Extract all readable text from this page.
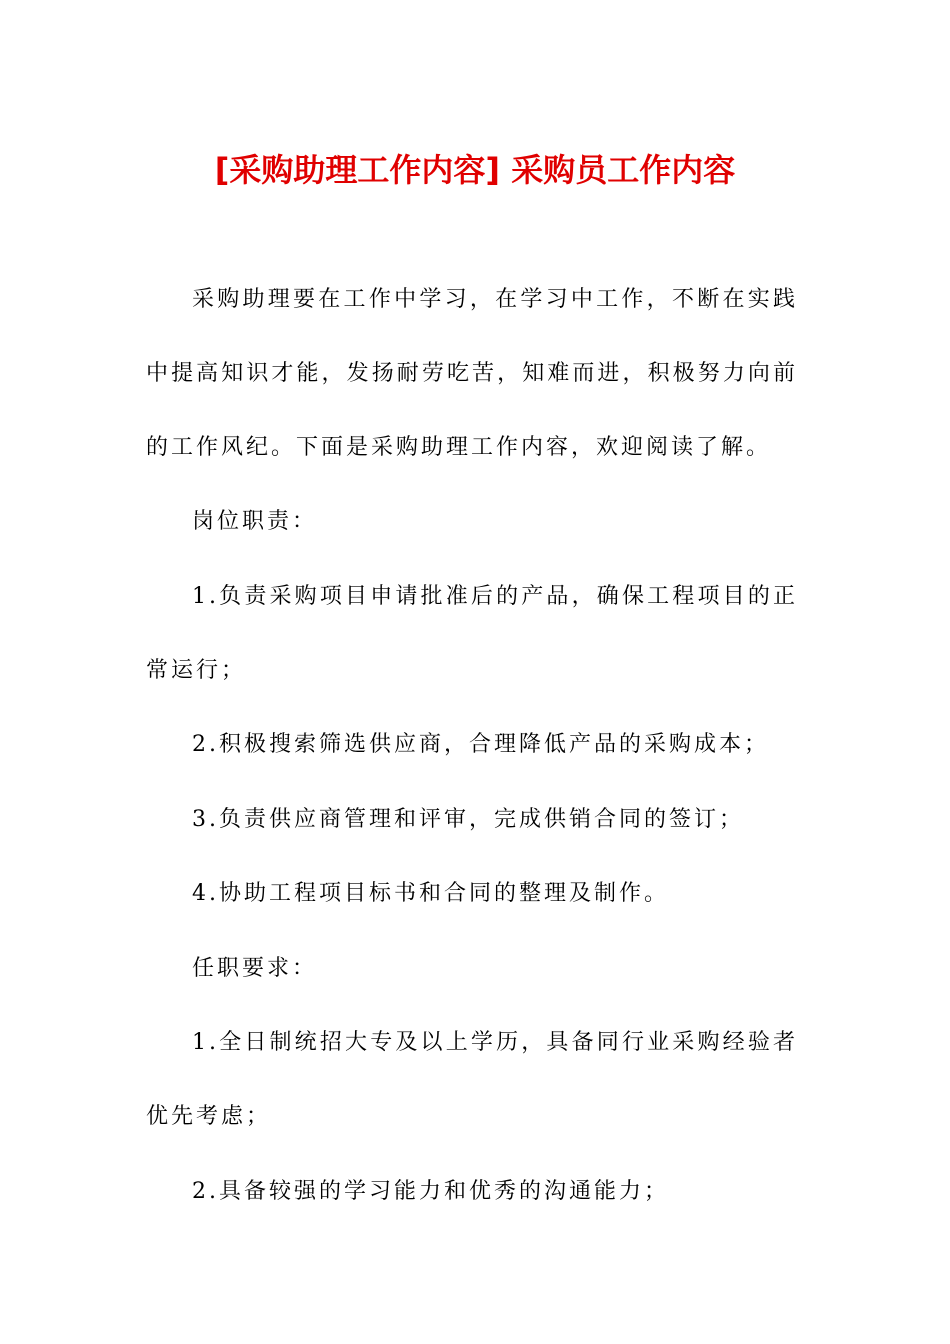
[采购助理工作内容] 采购员工作内容

采购助理要在工作中学习，在学习中工作，不断在实践中提高知识才能，发扬耐劳吃苦，知难而进，积极努力向前的工作风纪。下面是采购助理工作内容，欢迎阅读了解。

岗位职责：

1.负责采购项目申请批准后的产品，确保工程项目的正常运行；

2.积极搜索筛选供应商，合理降低产品的采购成本；

3.负责供应商管理和评审，完成供销合同的签订；

4.协助工程项目标书和合同的整理及制作。

任职要求：

1.全日制统招大专及以上学历，具备同行业采购经验者优先考虑；

2.具备较强的学习能力和优秀的沟通能力；
